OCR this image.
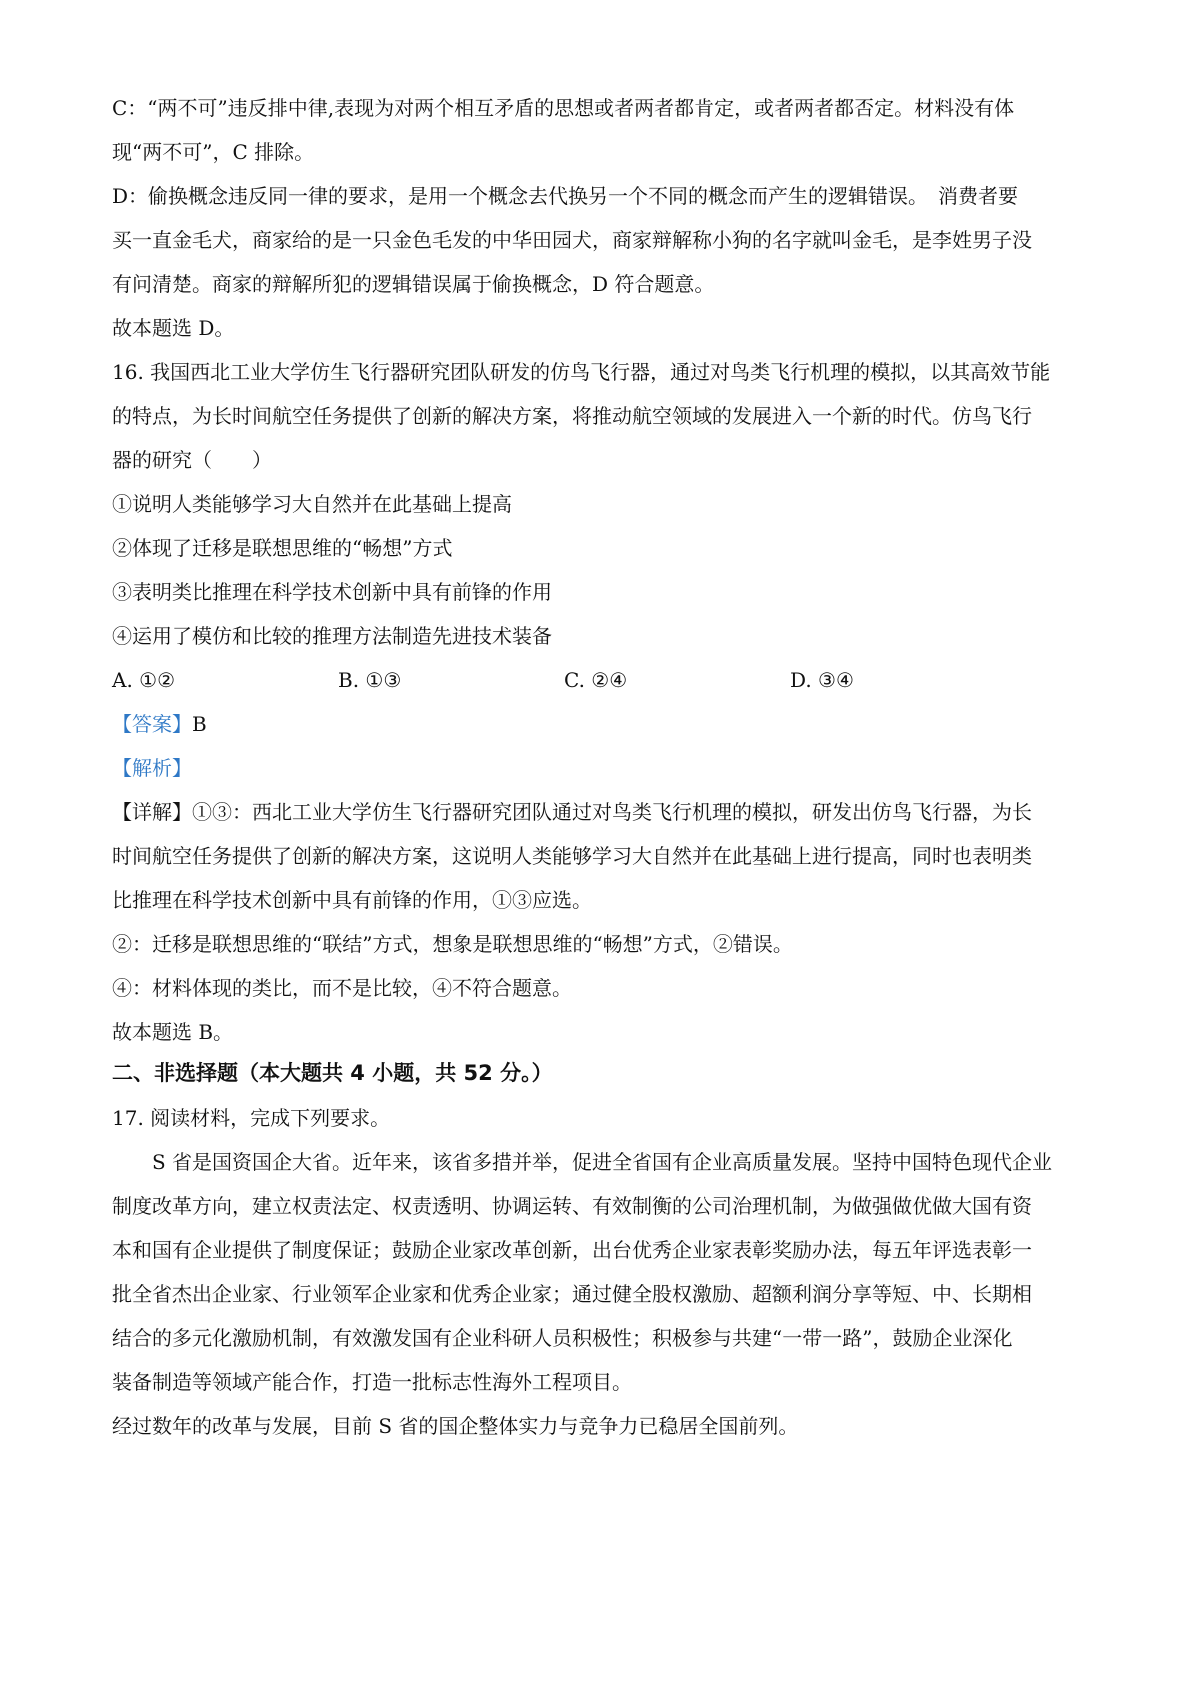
C：“两不可”违反排中律,表现为对两个相互矛盾的思想或者两者都肯定，或者两者都否定。材料没有体

现“两不可”，C 排除。

D：偷换概念违反同一律的要求，是用一个概念去代换另一个不同的概念而产生的逻辑错误。　消费者要

买一直金毛犬，商家给的是一只金色毛发的中华田园犬，商家辩解称小狗的名字就叫金毛，是李姓男子没

有问清楚。商家的辩解所犯的逻辑错误属于偷换概念，D 符合题意。

故本题选 D。

16. 我国西北工业大学仿生飞行器研究团队研发的仿鸟飞行器，通过对鸟类飞行机理的模拟，以其高效节能

的特点，为长时间航空任务提供了创新的解决方案，将推动航空领域的发展进入一个新的时代。仿鸟飞行

器的研究（　　）

①说明人类能够学习大自然并在此基础上提高

②体现了迁移是联想思维的“畅想”方式

③表明类比推理在科学技术创新中具有前锋的作用

④运用了模仿和比较的推理方法制造先进技术装备

A. ①②	B. ①③	C. ②④	D. ③④

【答案】B

【解析】

【详解】①③：西北工业大学仿生飞行器研究团队通过对鸟类飞行机理的模拟，研发出仿鸟飞行器，为长

时间航空任务提供了创新的解决方案，这说明人类能够学习大自然并在此基础上进行提高，同时也表明类

比推理在科学技术创新中具有前锋的作用，①③应选。

②：迁移是联想思维的“联结”方式，想象是联想思维的“畅想”方式，②错误。

④：材料体现的类比，而不是比较，④不符合题意。

故本题选 B。

二、非选择题（本大题共 4 小题，共 52 分。）

17. 阅读材料，完成下列要求。

S 省是国资国企大省。近年来，该省多措并举，促进全省国有企业高质量发展。坚持中国特色现代企业

制度改革方向，建立权责法定、权责透明、协调运转、有效制衡的公司治理机制，为做强做优做大国有资

本和国有企业提供了制度保证；鼓励企业家改革创新，出台优秀企业家表彰奖励办法，每五年评选表彰一

批全省杰出企业家、行业领军企业家和优秀企业家；通过健全股权激励、超额利润分享等短、中、长期相

结合的多元化激励机制，有效激发国有企业科研人员积极性；积极参与共建“一带一路”，鼓励企业深化

装备制造等领域产能合作，打造一批标志性海外工程项目。

经过数年的改革与发展，目前 S 省的国企整体实力与竞争力已稳居全国前列。
